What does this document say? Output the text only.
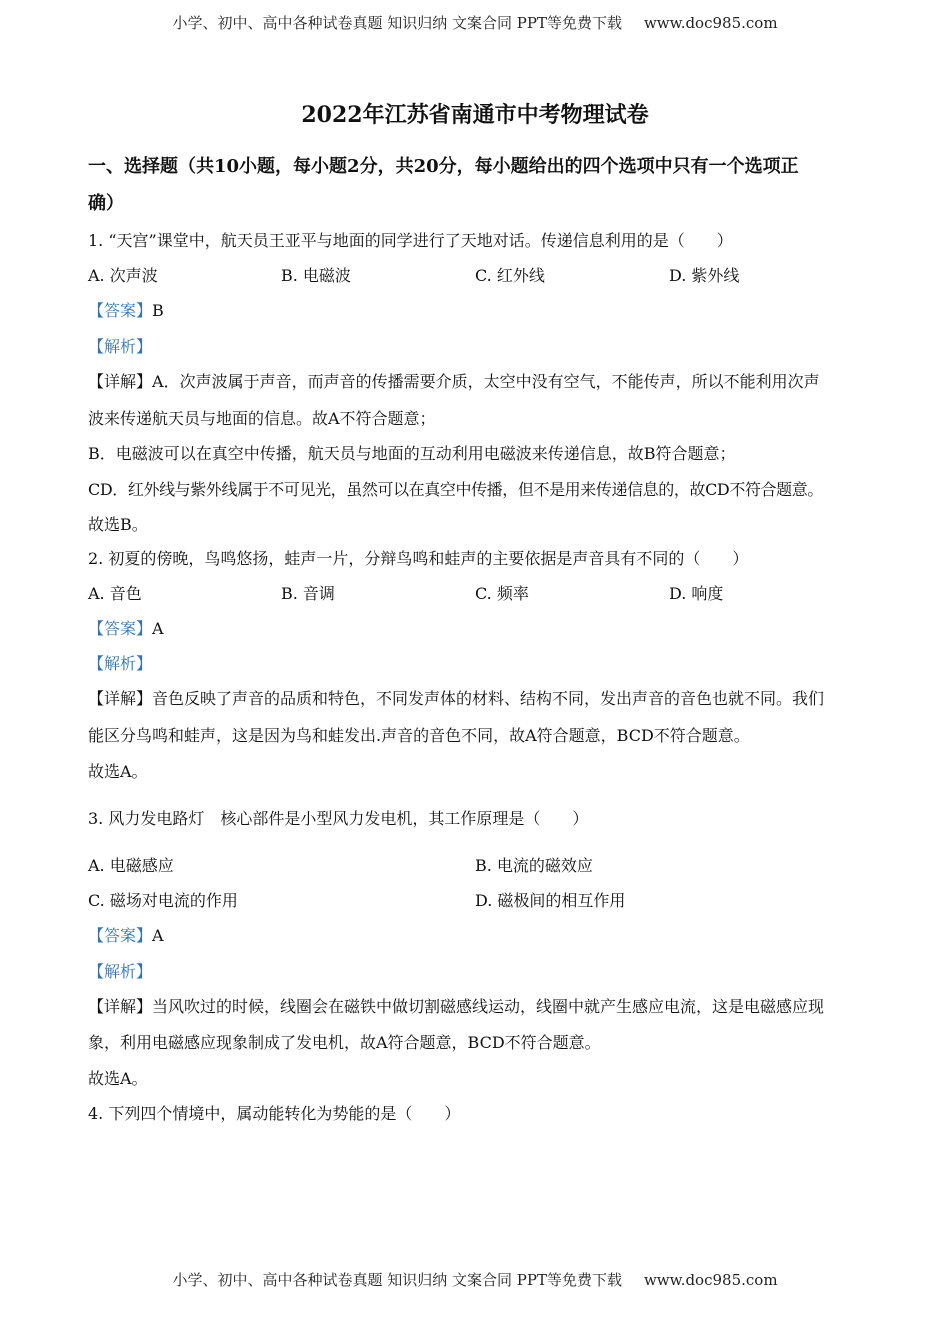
小学、初中、高中各种试卷真题 知识归纳 文案合同 PPT等免费下载 www.doc985.com
2022年江苏省南通市中考物理试卷
一、选择题（共10小题，每小题2分，共20分，每小题给出的四个选项中只有一个选项正
确）
1. “天宫”课堂中，航天员王亚平与地面的同学进行了天地对话。传递信息利用的是（　　）
A. 次声波	B. 电磁波	C. 红外线	D. 紫外线
【答案】B
【解析】
【详解】A．次声波属于声音，而声音的传播需要介质，太空中没有空气，不能传声，所以不能利用次声
波来传递航天员与地面的信息。故A不符合题意；
B．电磁波可以在真空中传播，航天员与地面的互动利用电磁波来传递信息，故B符合题意；
CD．红外线与紫外线属于不可见光，虽然可以在真空中传播，但不是用来传递信息的，故CD不符合题意。
故选B。
2. 初夏的傍晚，鸟鸣悠扬，蛙声一片，分辩鸟鸣和蛙声的主要依据是声音具有不同的（　　）
A. 音色	B. 音调	C. 频率	D. 响度
【答案】A
【解析】
【详解】音色反映了声音的品质和特色，不同发声体的材料、结构不同，发出声音的音色也就不同。我们
能区分鸟鸣和蛙声，这是因为鸟和蛙发出.声音的音色不同，故A符合题意，BCD不符合题意。
故选A。
3. 风力发电路灯　核心部件是小型风力发电机，其工作原理是（　　）
A. 电磁感应	B. 电流的磁效应
C. 磁场对电流的作用	D. 磁极间的相互作用
【答案】A
【解析】
【详解】当风吹过的时候，线圈会在磁铁中做切割磁感线运动，线圈中就产生感应电流，这是电磁感应现
象，利用电磁感应现象制成了发电机，故A符合题意，BCD不符合题意。
故选A。
4. 下列四个情境中，属动能转化为势能的是（　　）
小学、初中、高中各种试卷真题 知识归纳 文案合同 PPT等免费下载 www.doc985.com
